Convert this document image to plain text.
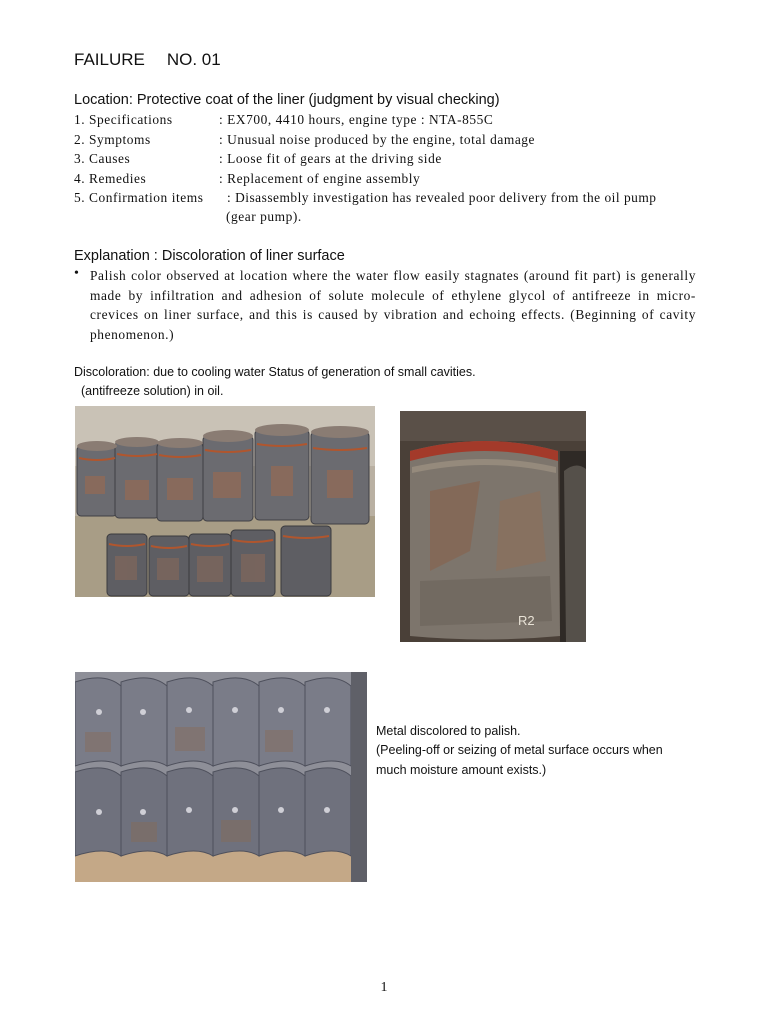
FAILURE NO. 01
Location: Protective coat of the liner (judgment by visual checking)
1. Specifications	: EX700, 4410 hours, engine type : NTA-855C
2. Symptoms	: Unusual noise produced by the engine, total damage
3. Causes	: Loose fit of gears at the driving side
4. Remedies	: Replacement of engine assembly
5. Confirmation items : Disassembly investigation has revealed poor delivery from the oil pump
(gear pump).
Explanation : Discoloration of liner surface
• Palish color observed at location where the water flow easily stagnates (around fit part) is generally made by infiltration and adhesion of solute molecule of ethylene glycol of antifreeze in micro-crevices on liner surface, and this is caused by vibration and echoing effects. (Beginning of cavity phenomenon.)
Discoloration: due to cooling water Status of generation of small cavities.
(antifreeze solution) in oil.
R2
Metal discolored to palish.
(Peeling-off or seizing of metal surface occurs when
much moisture amount exists.)
1
